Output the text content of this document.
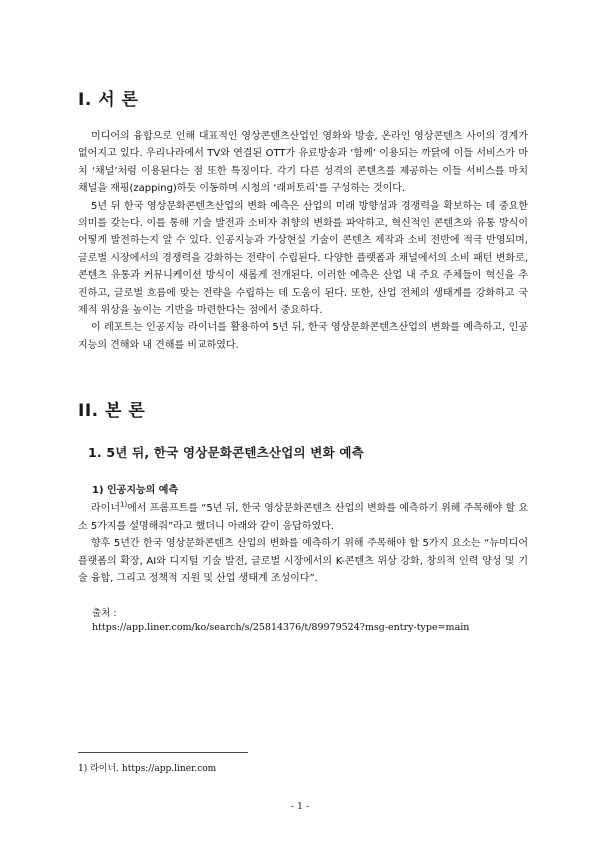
I. 서 론

미디어의 융합으로 인해 대표적인 영상콘텐츠산업인 영화와 방송, 온라인 영상콘텐츠 사이의 경계가 없어지고 있다. 우리나라에서 TV와 연결된 OTT가 유료방송과 ‘함께’ 이용되는 까닭에 이들 서비스가 마치 ‘채널’처럼 이용된다는 점 또한 특징이다. 각기 다른 성격의 콘텐츠를 제공하는 이들 서비스를 마치 채널을 재핑(zapping)하듯 이동하며 시청의 ‘래퍼토리’를 구성하는 것이다.

5년 뒤 한국 영상문화콘텐츠산업의 변화 예측은 산업의 미래 방향성과 경쟁력을 확보하는 데 중요한 의미를 갖는다. 이를 통해 기술 발전과 소비자 취향의 변화를 파악하고, 혁신적인 콘텐츠와 유통 방식이 어떻게 발전하는지 알 수 있다. 인공지능과 가상현실 기술이 콘텐츠 제작과 소비 전반에 적극 반영되며, 글로벌 시장에서의 경쟁력을 강화하는 전략이 수립된다. 다양한 플랫폼과 채널에서의 소비 패턴 변화로, 콘텐츠 유통과 커뮤니케이션 방식이 새롭게 전개된다. 이러한 예측은 산업 내 주요 주체들이 혁신을 추진하고, 글로벌 흐름에 맞는 전략을 수립하는 데 도움이 된다. 또한, 산업 전체의 생태계를 강화하고 국제적 위상을 높이는 기반을 마련한다는 점에서 중요하다.

이 레포트는 인공지능 라이너를 활용하여 5년 뒤, 한국 영상문화콘텐츠산업의 변화를 예측하고, 인공지능의 견해와 내 견해를 비교하였다.

II. 본 론
1. 5년 뒤, 한국 영상문화콘텐츠산업의 변화 예측
1) 인공지능의 예측

라이너$^{1)}$에서 프롬프트를 “5년 뒤, 한국 영상문화콘텐츠 산업의 변화를 예측하기 위해 주목해야 할 요소 5가지를 설명해줘”라고 했더니 아래와 같이 응답하였다.

향후 5년간 한국 영상문화콘텐츠 산업의 변화를 예측하기 위해 주목해야 할 5가지 요소는 “뉴미디어 플랫폼의 확장, AI와 디지털 기술 발전, 글로벌 시장에서의 K-콘텐츠 위상 강화, 창의적 인력 양성 및 기술 융합, 그리고 정책적 지원 및 산업 생태계 조성이다”.

출처 :
https://app.liner.com/ko/search/s/25814376/t/89979524?msg-entry-type=main
1) 라이너. https://app.liner.com
- 1 -
